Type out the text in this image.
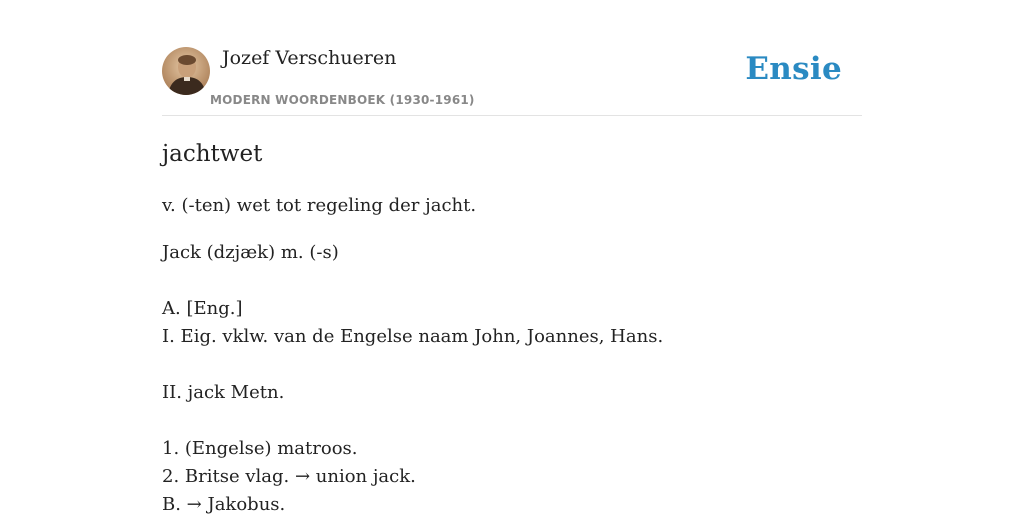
Jozef Verschueren
MODERN WOORDENBOEK (1930-1961)
Ensie
jachtwet

v. (-ten) wet tot regeling der jacht.

Jack (dzjæk) m. (-s)

A. [Eng.]

I. Eig. vklw. van de Engelse naam John, Joannes, Hans.

II. jack Metn.

1. (Engelse) matroos.

2. Britse vlag. → union jack.

B. → Jakobus.
